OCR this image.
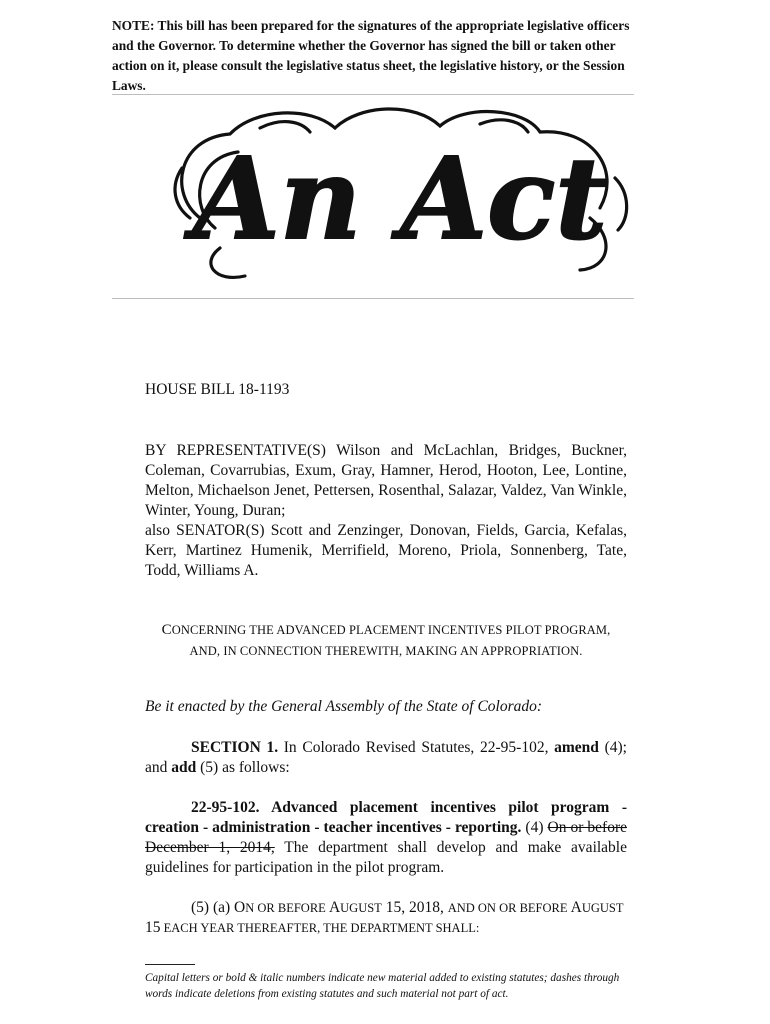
NOTE: This bill has been prepared for the signatures of the appropriate legislative officers and the Governor. To determine whether the Governor has signed the bill or taken other action on it, please consult the legislative status sheet, the legislative history, or the Session Laws.
An Act
HOUSE BILL 18-1193

BY REPRESENTATIVE(S) Wilson and McLachlan, Bridges, Buckner, Coleman, Covarrubias, Exum, Gray, Hamner, Herod, Hooton, Lee, Lontine, Melton, Michaelson Jenet, Pettersen, Rosenthal, Salazar, Valdez, Van Winkle, Winter, Young, Duran;

also SENATOR(S) Scott and Zenzinger, Donovan, Fields, Garcia, Kefalas, Kerr, Martinez Humenik, Merrifield, Moreno, Priola, Sonnenberg, Tate, Todd, Williams A.

CONCERNING THE ADVANCED PLACEMENT INCENTIVES PILOT PROGRAM,

AND, IN CONNECTION THEREWITH, MAKING AN APPROPRIATION.

Be it enacted by the General Assembly of the State of Colorado:

SECTION 1. In Colorado Revised Statutes, 22-95-102, amend (4); and add (5) as follows:

22-95-102. Advanced placement incentives pilot program - creation - administration - teacher incentives - reporting. (4) On or before December 1, 2014, The department shall develop and make available guidelines for participation in the pilot program.

(5) (a) ON OR BEFORE AUGUST 15, 2018, AND ON OR BEFORE AUGUST

15 EACH YEAR THEREAFTER, THE DEPARTMENT SHALL:

Capital letters or bold & italic numbers indicate new material added to existing statutes; dashes through words indicate deletions from existing statutes and such material not part of act.
